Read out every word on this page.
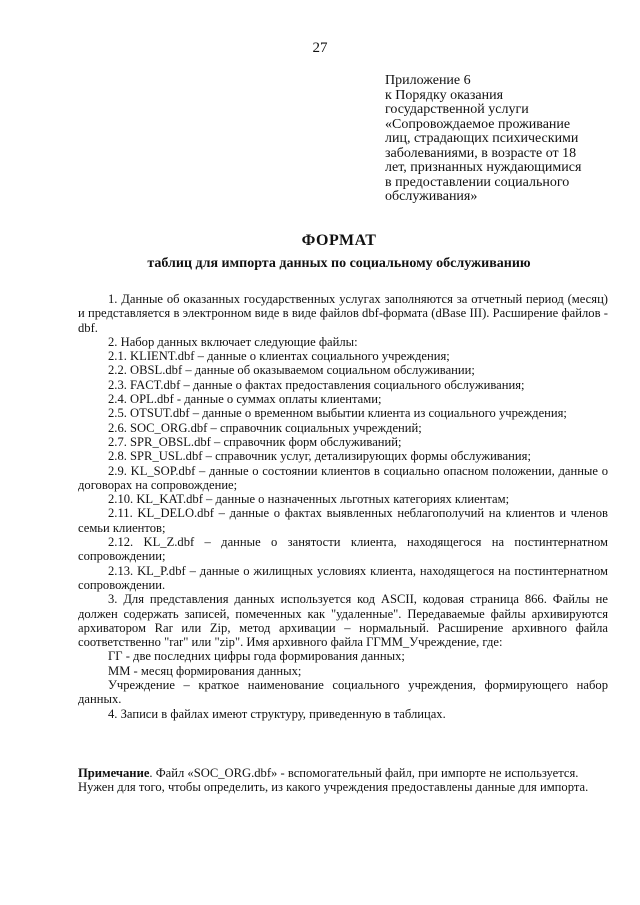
27
Приложение 6
к Порядку оказания
государственной услуги
«Сопровождаемое проживание
лиц, страдающих психическими
заболеваниями, в возрасте от 18
лет, признанных нуждающимися
в предоставлении социального
обслуживания»
ФОРМАТ
таблиц для импорта данных по социальному обслуживанию

1. Данные об оказанных государственных услугах заполняются за отчетный период (месяц) и представляется в электронном виде в виде файлов dbf-формата (dBase III). Расширение файлов - dbf.

2. Набор данных включает следующие файлы:

2.1. KLIENT.dbf – данные о клиентах социального учреждения;

2.2. OBSL.dbf – данные об оказываемом социальном обслуживании;

2.3. FACT.dbf – данные о фактах предоставления социального обслуживания;

2.4. OPL.dbf - данные о суммах оплаты клиентами;

2.5. OTSUT.dbf – данные о временном выбытии клиента из социального учреждения;

2.6. SOC_ORG.dbf – справочник социальных учреждений;

2.7. SPR_OBSL.dbf – справочник форм обслуживаний;

2.8. SPR_USL.dbf – справочник услуг, детализирующих формы обслуживания;

2.9. KL_SOP.dbf – данные о состоянии клиентов в социально опасном положении, данные о договорах на сопровождение;

2.10. KL_KAT.dbf – данные о назначенных льготных категориях клиентам;

2.11. KL_DELO.dbf – данные о фактах выявленных неблагополучий на клиентов и членов семьи клиентов;

2.12. KL_Z.dbf – данные о занятости клиента, находящегося на постинтернатном сопровождении;

2.13. KL_P.dbf – данные о жилищных условиях клиента, находящегося на постинтернатном сопровождении.

3. Для представления данных используется код ASCII, кодовая страница 866. Файлы не должен содержать записей, помеченных как "удаленные". Передаваемые файлы архивируются архиватором Rar или Zip, метод архивации – нормальный. Расширение архивного файла соответственно "rar" или "zip". Имя архивного файла ГГММ_Учреждение, где:

ГГ - две последних цифры года формирования данных;

ММ - месяц формирования данных;

Учреждение – краткое наименование социального учреждения, формирующего набор данных.

4. Записи в файлах имеют структуру, приведенную в таблицах.

Примечание. Файл «SOC_ORG.dbf» - вспомогательный файл, при импорте не используется. Нужен для того, чтобы определить, из какого учреждения предоставлены данные для импорта.
